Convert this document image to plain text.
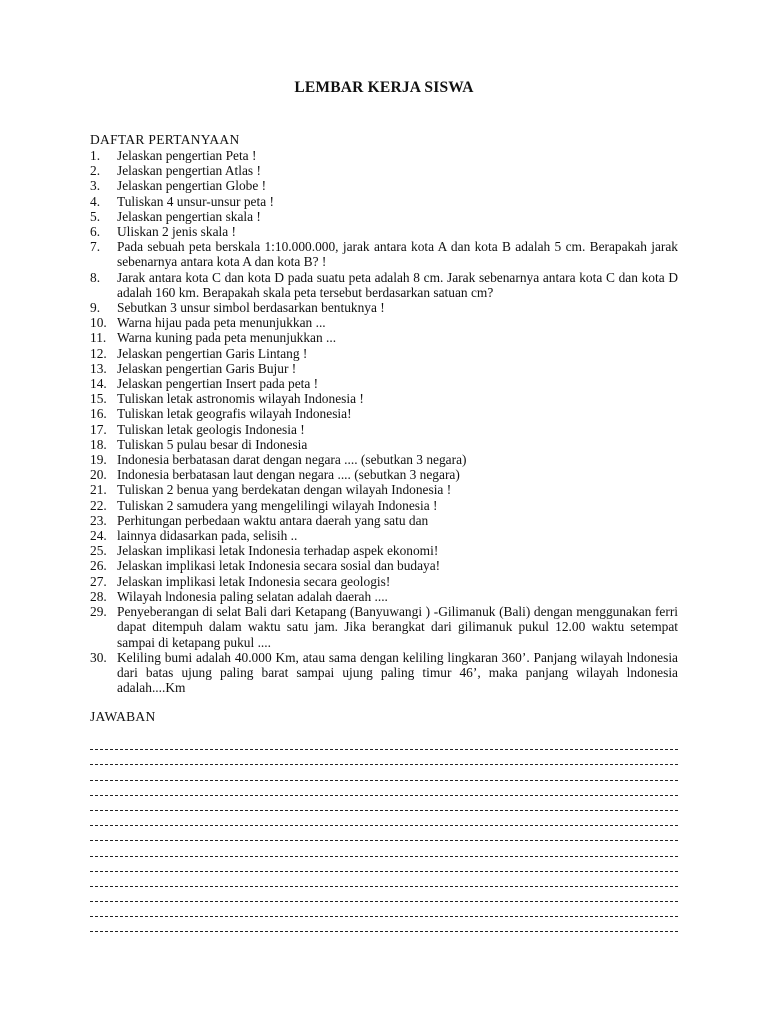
LEMBAR KERJA SISWA
DAFTAR PERTANYAAN
1.	Jelaskan pengertian Peta !
2.	Jelaskan pengertian Atlas !
3.	Jelaskan pengertian Globe !
4.	Tuliskan 4 unsur-unsur peta !
5.	Jelaskan pengertian skala !
6.	Uliskan 2 jenis skala !
7.	Pada sebuah peta berskala 1:10.000.000, jarak antara kota A dan kota B adalah 5 cm. Berapakah jarak sebenarnya antara kota A dan kota B? !
8.	Jarak antara kota C dan kota D pada suatu peta adalah 8 cm. Jarak sebenarnya antara kota C dan kota D adalah 160 km. Berapakah skala peta tersebut berdasarkan satuan cm?
9.	Sebutkan 3 unsur simbol berdasarkan bentuknya !
10. Warna hijau pada peta menunjukkan ...
11. Warna kuning pada peta menunjukkan ...
12. Jelaskan pengertian Garis Lintang !
13. Jelaskan pengertian Garis Bujur !
14. Jelaskan pengertian Insert pada peta !
15. Tuliskan letak astronomis wilayah Indonesia !
16. Tuliskan letak geografis wilayah Indonesia!
17. Tuliskan letak geologis Indonesia !
18. Tuliskan 5 pulau besar di Indonesia
19. Indonesia berbatasan darat dengan negara .... (sebutkan 3 negara)
20. Indonesia berbatasan laut dengan negara .... (sebutkan 3 negara)
21. Tuliskan 2 benua yang berdekatan dengan wilayah Indonesia !
22. Tuliskan 2 samudera yang mengelilingi wilayah Indonesia !
23. Perhitungan perbedaan waktu antara daerah yang satu dan
24. lainnya didasarkan pada, selisih ..
25. Jelaskan implikasi letak Indonesia terhadap aspek ekonomi!
26. Jelaskan implikasi letak Indonesia secara sosial dan budaya!
27. Jelaskan implikasi letak Indonesia secara geologis!
28. Wilayah lndonesia paling selatan adalah daerah ....
29. Penyeberangan di selat Bali dari Ketapang (Banyuwangi ) -Gilimanuk (Bali) dengan menggunakan ferri dapat ditempuh dalam waktu satu jam. Jika berangkat dari gilimanuk pukul 12.00 waktu setempat sampai di ketapang pukul ....
30. Keliling bumi adalah 40.000 Km, atau sama dengan keliling lingkaran 360’. Panjang wilayah lndonesia dari batas ujung paling barat sampai ujung paling timur 46’, maka panjang wilayah lndonesia adalah....Km
JAWABAN
